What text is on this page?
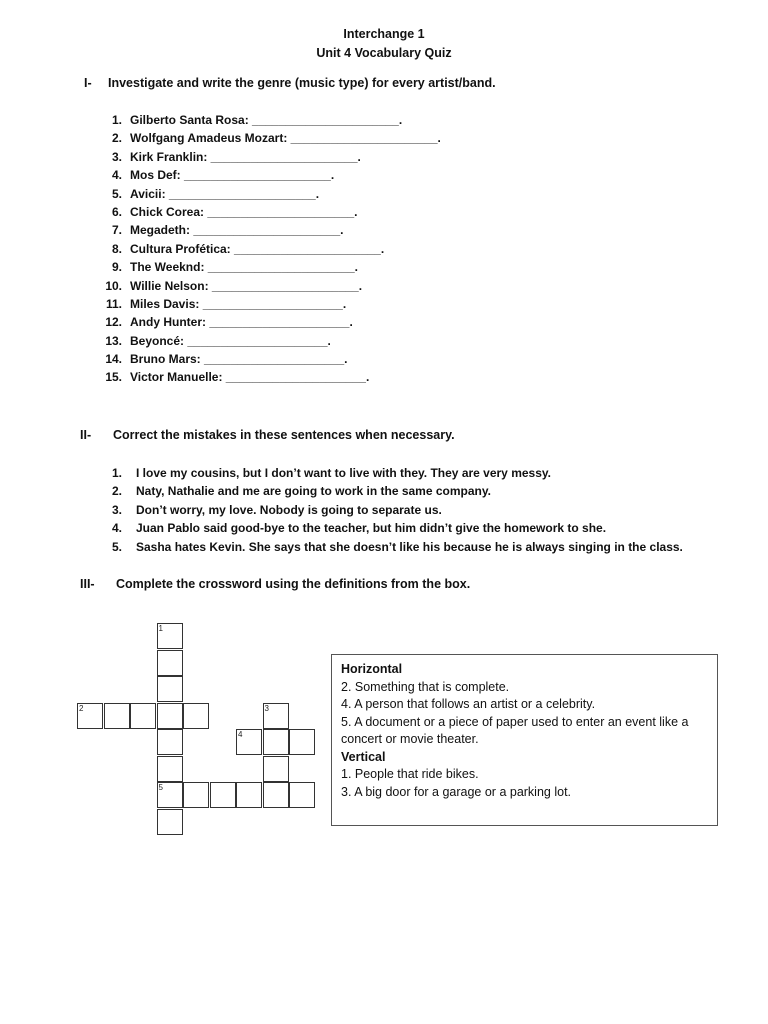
Interchange 1
Unit 4 Vocabulary Quiz
I- Investigate and write the genre (music type) for every artist/band.
1. Gilberto Santa Rosa: ______________________.
2. Wolfgang Amadeus Mozart: ______________________.
3. Kirk Franklin: ______________________.
4. Mos Def: ______________________.
5. Avicii: ______________________.
6. Chick Corea: ______________________.
7. Megadeth: ______________________.
8. Cultura Profética: ______________________.
9. The Weeknd: ______________________.
10. Willie Nelson: ______________________.
11. Miles Davis: _____________________.
12. Andy Hunter: _____________________.
13. Beyoncé: _____________________.
14. Bruno Mars: _____________________.
15. Victor Manuelle: _____________________.
II- Correct the mistakes in these sentences when necessary.
1. I love my cousins, but I don’t want to live with they. They are very messy.
2. Naty, Nathalie and me are going to work in the same company.
3. Don’t worry, my love. Nobody is going to separate us.
4. Juan Pablo said good-bye to the teacher, but him didn’t give the homework to she.
5. Sasha hates Kevin. She says that she doesn’t like his because he is always singing in the class.
III- Complete the crossword using the definitions from the box.
1
2	3
4
5
Horizontal
2. Something that is complete.
4. A person that follows an artist or a celebrity.
5. A document or a piece of paper used to enter an event like a
concert or movie theater.
Vertical
1. People that ride bikes.
3. A big door for a garage or a parking lot.
